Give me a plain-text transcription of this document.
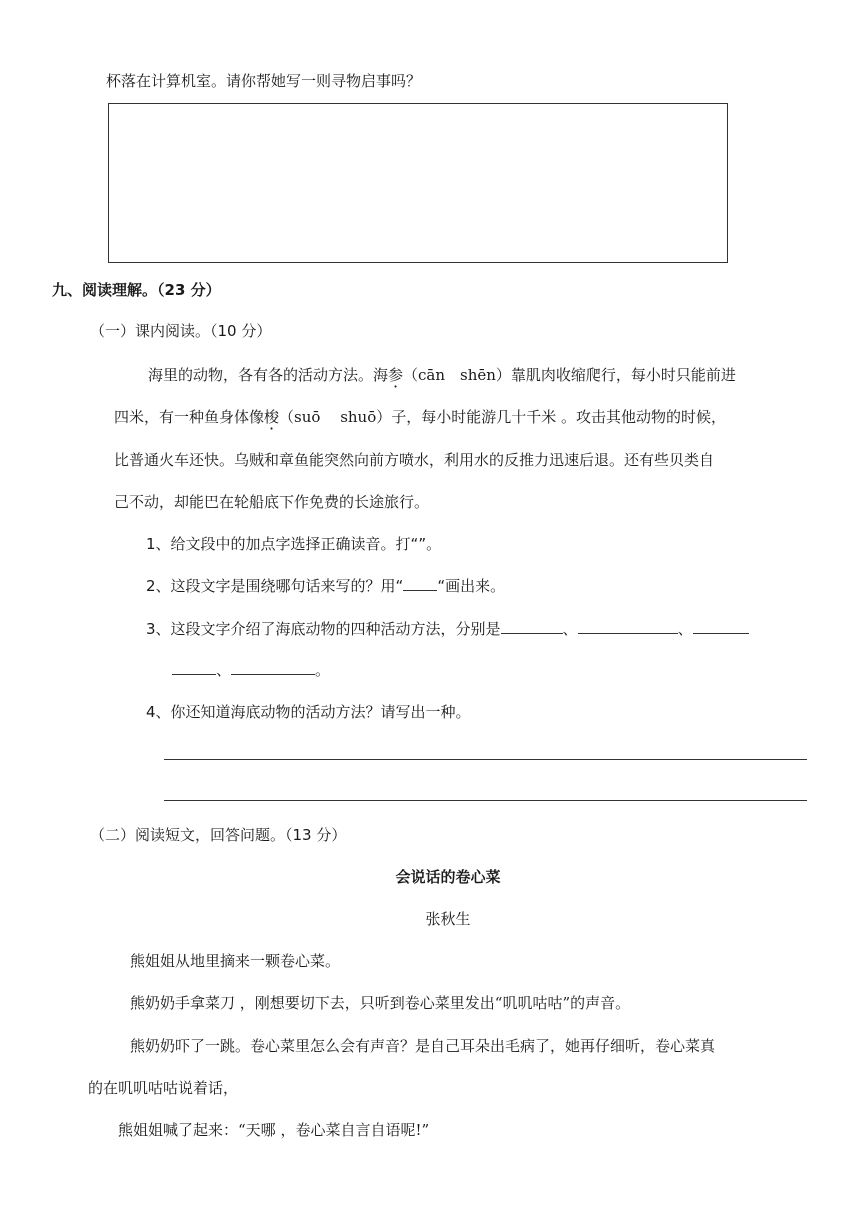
杯落在计算机室。请你帮她写一则寻物启事吗？
九、阅读理解。（23 分）
（一）课内阅读。（10 分）
海里的动物，各有各的活动方法。海参（cān　shēn）靠肌肉收缩爬行，每小时只能前进
四米，有一种鱼身体像梭（suō　 shuō）子，每小时能游几十千米 。攻击其他动物的时候，
比普通火车还快。乌贼和章鱼能突然向前方喷水，利用水的反推力迅速后退。还有些贝类自
己不动，却能巴在轮船底下作免费的长途旅行。
1、给文段中的加点字选择正确读音。打“”。
2、这段文字是围绕哪句话来写的？用“ “画出来。
3、这段文字介绍了海底动物的四种活动方法，分别是	、	、
、	。
4、你还知道海底动物的活动方法？请写出一种。
（二）阅读短文，回答问题。（13 分）
会说话的卷心菜
张秋生
熊姐姐从地里摘来一颗卷心菜。
熊奶奶手拿菜刀 ，刚想要切下去，只听到卷心菜里发出“叽叽咕咕”的声音。
熊奶奶吓了一跳。卷心菜里怎么会有声音？是自己耳朵出毛病了，她再仔细听，卷心菜真
的在叽叽咕咕说着话，
熊姐姐喊了起来：“天哪 ，卷心菜自言自语呢!”
